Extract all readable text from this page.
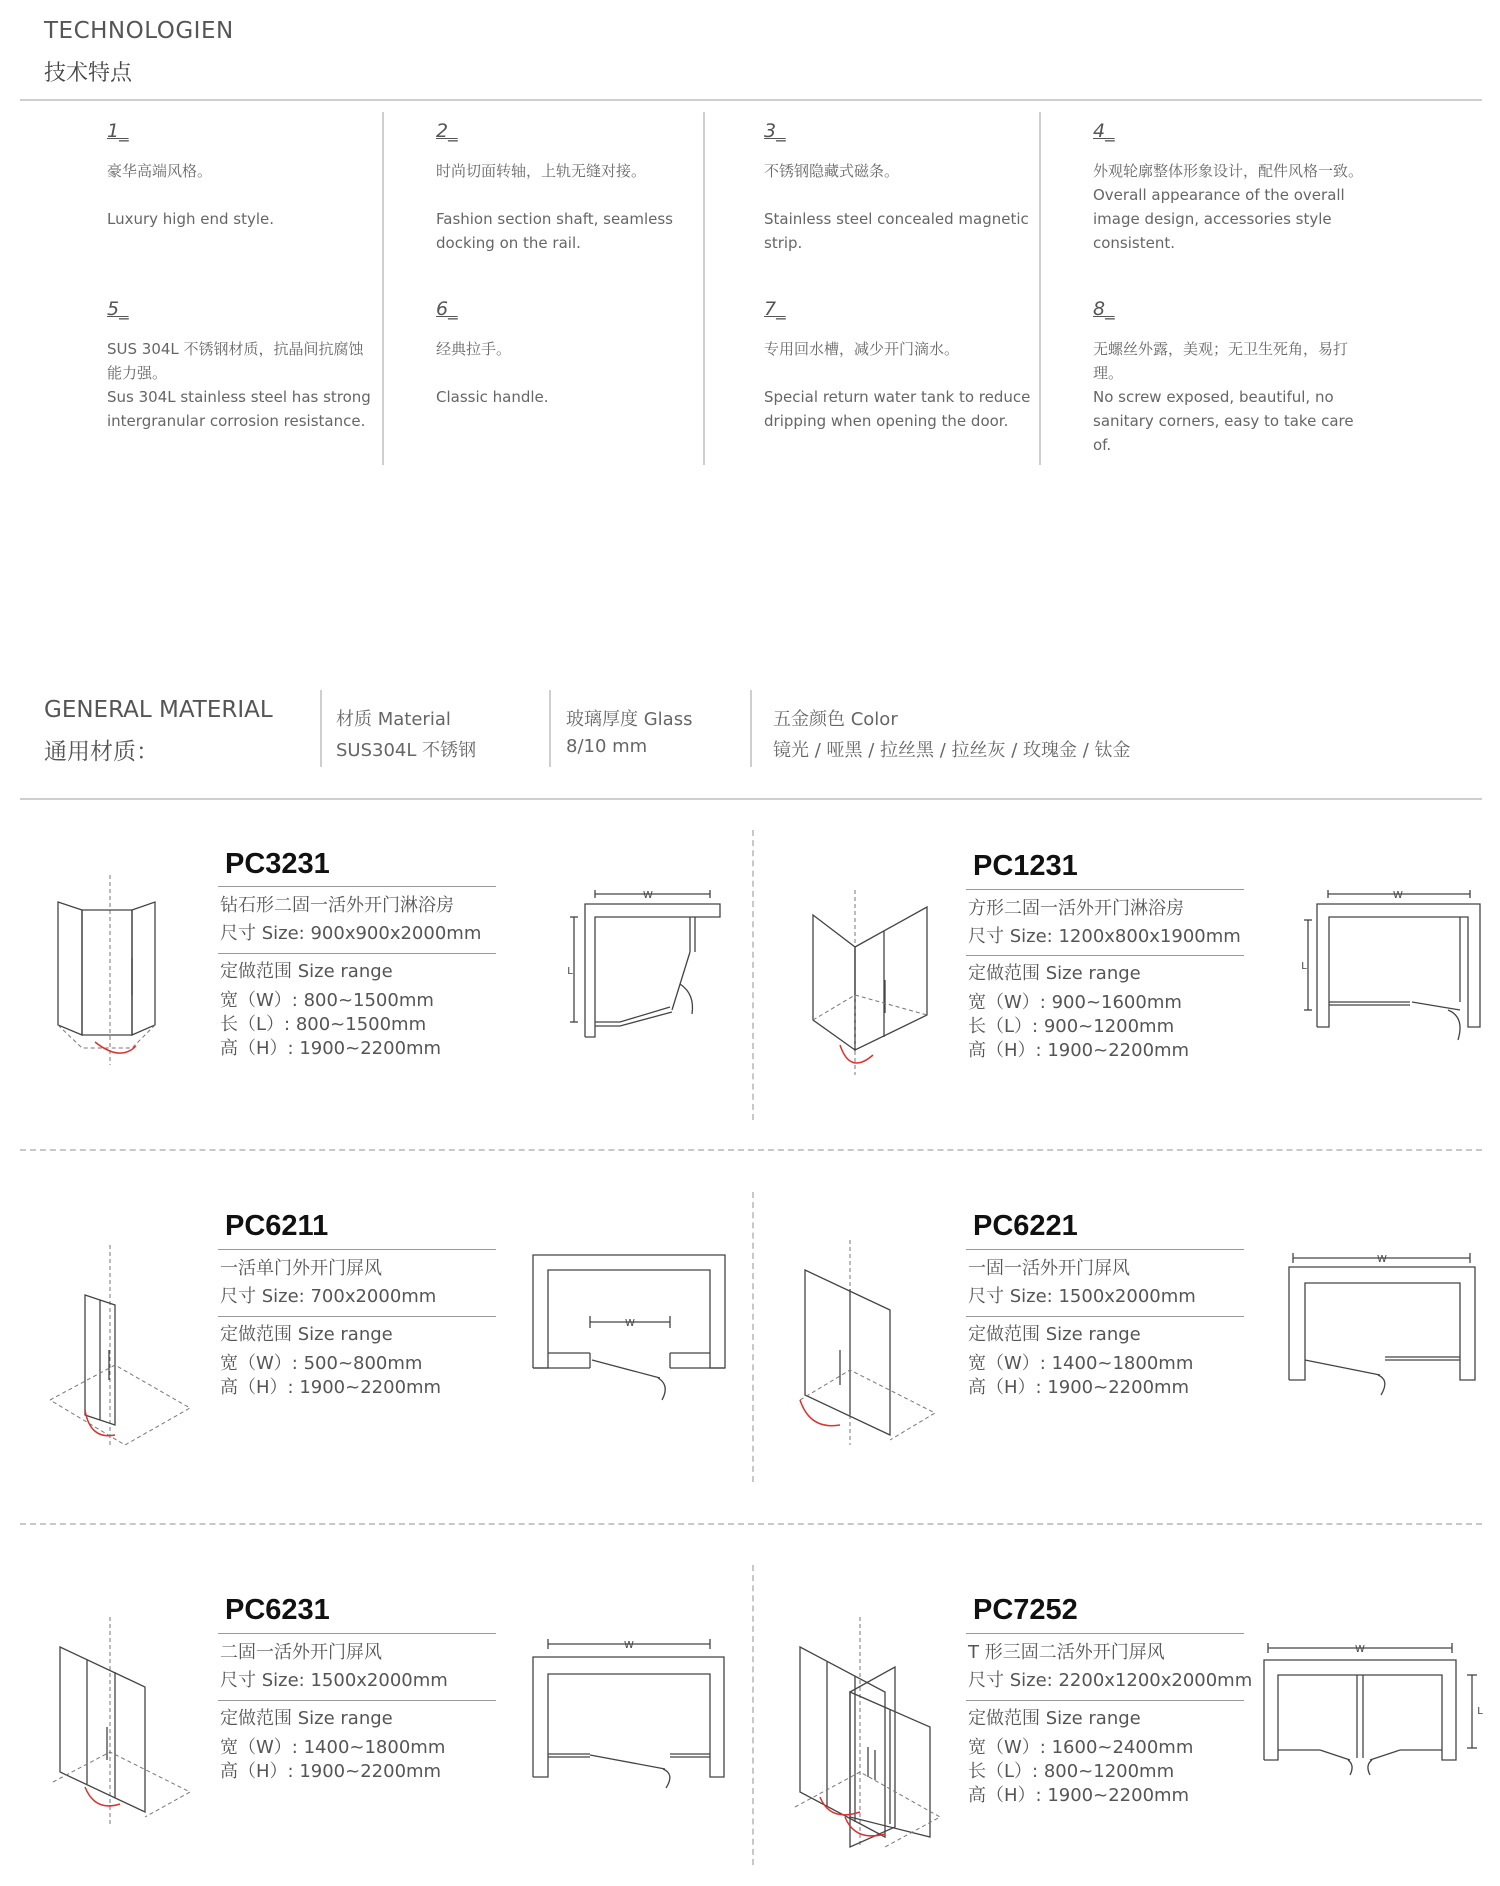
TECHNOLOGIEN
技术特点
1_
豪华高端风格。

Luxury high end style.
2_
时尚切面转轴，上轨无缝对接。

Fashion section shaft, seamless docking on the rail.
3_
不锈钢隐藏式磁条。

Stainless steel concealed magnetic strip.
4_
外观轮廓整体形象设计，配件风格一致。
Overall appearance of the overall image design, accessories style consistent.
5_
SUS 304L 不锈钢材质，抗晶间抗腐蚀能力强。
Sus 304L stainless steel has strong intergranular corrosion resistance.
6_
经典拉手。

Classic handle.
7_
专用回水槽，减少开门滴水。

Special return water tank to reduce dripping when opening the door.
8_
无螺丝外露，美观；无卫生死角，易打理。
No screw exposed, beautiful, no sanitary corners, easy to take care of.
GENERAL MATERIAL
通用材质：
材质 Material
SUS304L 不锈钢
玻璃厚度 Glass
8/10 mm
五金颜色 Color
镜光 / 哑黑 / 拉丝黑 / 拉丝灰 / 玫瑰金 / 钛金
PC3231
钻石形二固一活外开门淋浴房
尺寸 Size: 900x900x2000mm
定做范围 Size range
宽（W）: 800~1500mm
长（L）: 800~1500mm
高（H）: 1900~2200mm
W
L
PC1231
方形二固一活外开门淋浴房
尺寸 Size: 1200x800x1900mm
定做范围 Size range
宽（W）: 900~1600mm
长（L）: 900~1200mm
高（H）: 1900~2200mm
W
L
PC6211
一活单门外开门屏风
尺寸 Size: 700x2000mm
定做范围 Size range
宽（W）: 500~800mm
高（H）: 1900~2200mm
W
PC6221
一固一活外开门屏风
尺寸 Size: 1500x2000mm
定做范围 Size range
宽（W）: 1400~1800mm
高（H）: 1900~2200mm
W
PC6231
二固一活外开门屏风
尺寸 Size: 1500x2000mm
定做范围 Size range
宽（W）: 1400~1800mm
高（H）: 1900~2200mm
W
PC7252
T 形三固二活外开门屏风
尺寸 Size: 2200x1200x2000mm
定做范围 Size range
宽（W）: 1600~2400mm
长（L）: 800~1200mm
高（H）: 1900~2200mm
W
L
